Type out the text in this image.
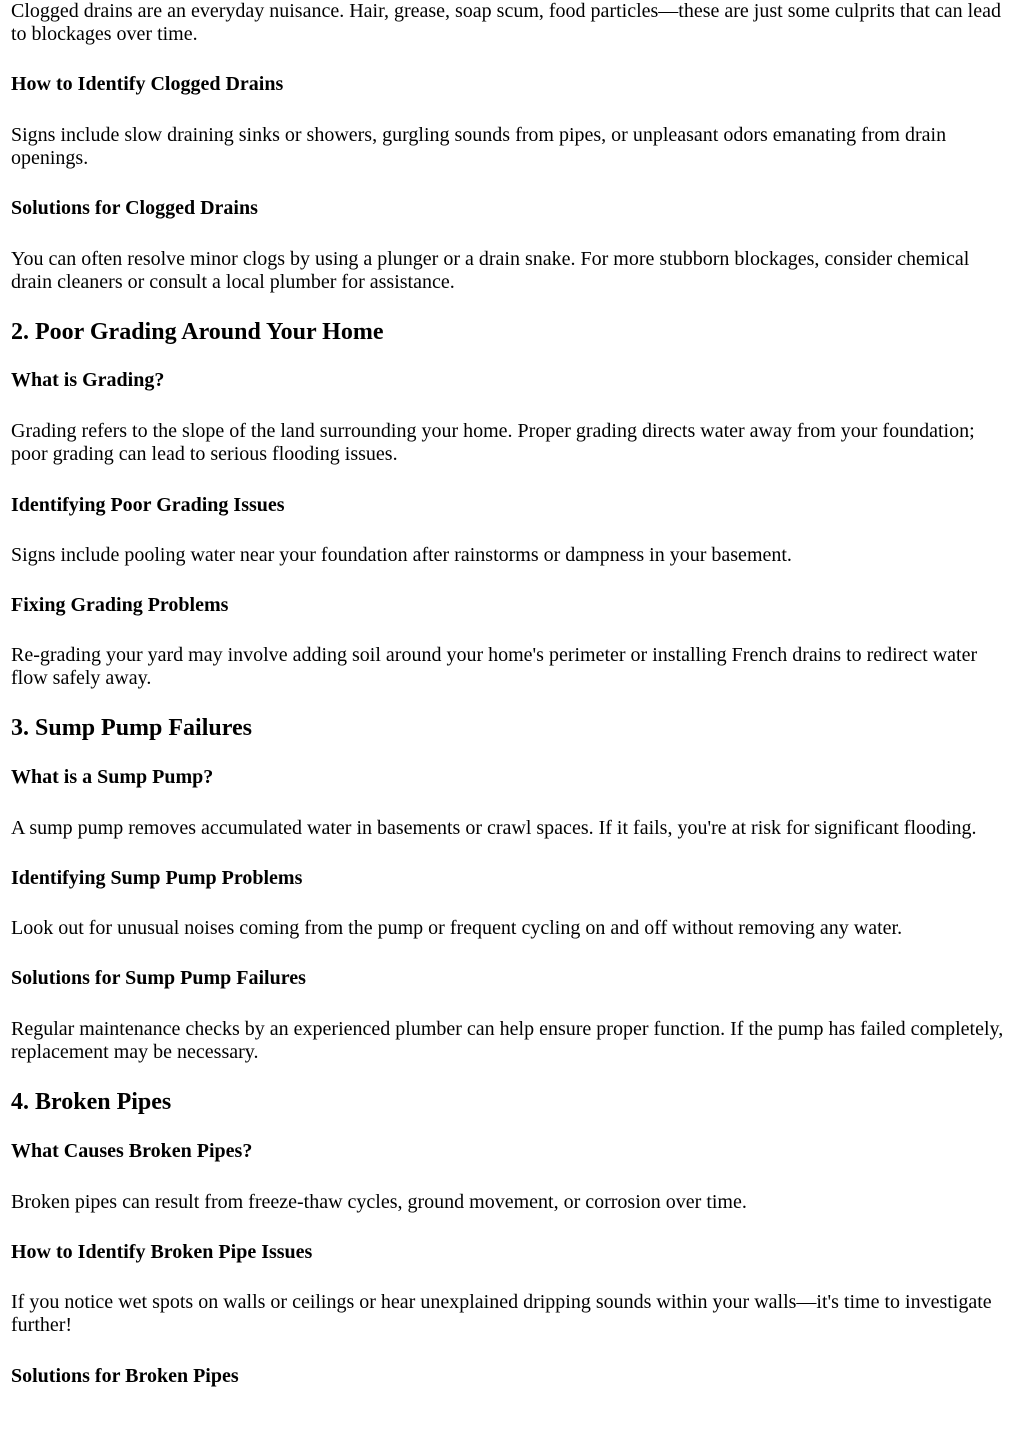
Clogged drains are an everyday nuisance. Hair, grease, soap scum, food particles—these are just some culprits that can lead to blockages over time.

How to Identify Clogged Drains

Signs include slow draining sinks or showers, gurgling sounds from pipes, or unpleasant odors emanating from drain openings.

Solutions for Clogged Drains

You can often resolve minor clogs by using a plunger or a drain snake. For more stubborn blockages, consider chemical drain cleaners or consult a local plumber for assistance.

2. Poor Grading Around Your Home
What is Grading?

Grading refers to the slope of the land surrounding your home. Proper grading directs water away from your foundation; poor grading can lead to serious flooding issues.

Identifying Poor Grading Issues

Signs include pooling water near your foundation after rainstorms or dampness in your basement.

Fixing Grading Problems

Re-grading your yard may involve adding soil around your home's perimeter or installing French drains to redirect water flow safely away.

3. Sump Pump Failures
What is a Sump Pump?

A sump pump removes accumulated water in basements or crawl spaces. If it fails, you're at risk for significant flooding.

Identifying Sump Pump Problems

Look out for unusual noises coming from the pump or frequent cycling on and off without removing any water.

Solutions for Sump Pump Failures

Regular maintenance checks by an experienced plumber can help ensure proper function. If the pump has failed completely, replacement may be necessary.

4. Broken Pipes
What Causes Broken Pipes?

Broken pipes can result from freeze-thaw cycles, ground movement, or corrosion over time.

How to Identify Broken Pipe Issues

If you notice wet spots on walls or ceilings or hear unexplained dripping sounds within your walls—it's time to investigate further!

Solutions for Broken Pipes
